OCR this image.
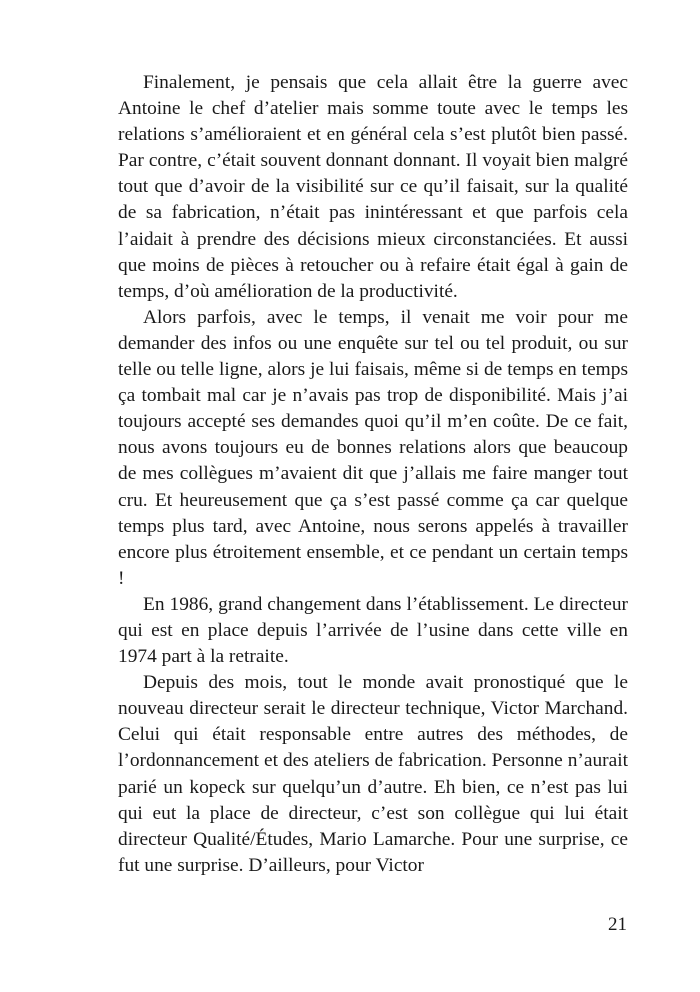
Finalement, je pensais que cela allait être la guerre avec Antoine le chef d’atelier mais somme toute avec le temps les relations s’amélioraient et en général cela s’est plutôt bien passé. Par contre, c’était souvent donnant donnant. Il voyait bien malgré tout que d’avoir de la visibilité sur ce qu’il faisait, sur la qualité de sa fabrication, n’était pas inintéressant et que parfois cela l’aidait à prendre des décisions mieux circonstanciées. Et aussi que moins de pièces à retoucher ou à refaire était égal à gain de temps, d’où amélioration de la productivité.

Alors parfois, avec le temps, il venait me voir pour me demander des infos ou une enquête sur tel ou tel produit, ou sur telle ou telle ligne, alors je lui faisais, même si de temps en temps ça tombait mal car je n’avais pas trop de disponibilité. Mais j’ai toujours accepté ses demandes quoi qu’il m’en coûte. De ce fait, nous avons toujours eu de bonnes relations alors que beaucoup de mes collègues m’avaient dit que j’allais me faire manger tout cru. Et heureusement que ça s’est passé comme ça car quelque temps plus tard, avec Antoine, nous serons appelés à travailler encore plus étroitement ensemble, et ce pendant un certain temps !

En 1986, grand changement dans l’établissement. Le directeur qui est en place depuis l’arrivée de l’usine dans cette ville en 1974 part à la retraite.

Depuis des mois, tout le monde avait pronostiqué que le nouveau directeur serait le directeur technique, Victor Marchand. Celui qui était responsable entre autres des méthodes, de l’ordonnancement et des ateliers de fabrication. Personne n’aurait parié un kopeck sur quelqu’un d’autre. Eh bien, ce n’est pas lui qui eut la place de directeur, c’est son collègue qui lui était directeur Qualité/Études, Mario Lamarche. Pour une surprise, ce fut une surprise. D’ailleurs, pour Victor

21
